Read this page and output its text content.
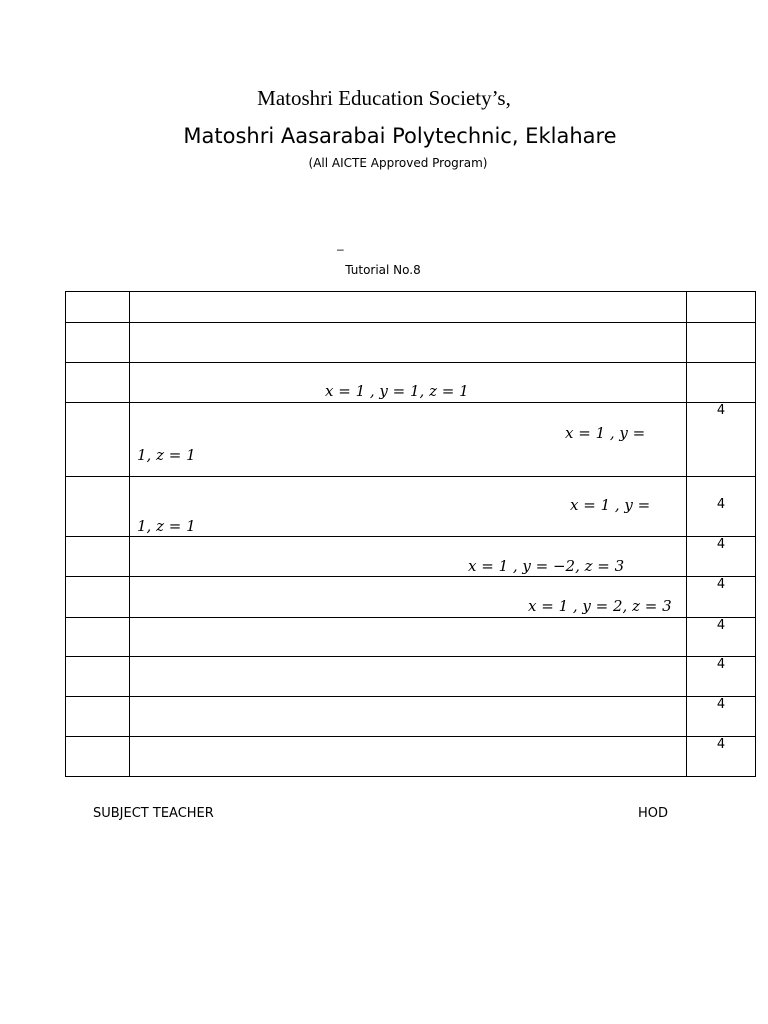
Matoshri Education Society’s,
Matoshri Aasarabai Polytechnic, Eklahare
(All AICTE Approved Program)
–
Tutorial No.8

	x = 1 , y = 1, z = 1	

	x = 1 , y =
1, z = 1	4

	x = 1 , y =
1, z = 1	4

	x = 1 , y = −2, z = 3	4

	x = 1 , y = 2, z = 3	4
		4
		4
		4
		4
SUBJECT TEACHER	HOD
